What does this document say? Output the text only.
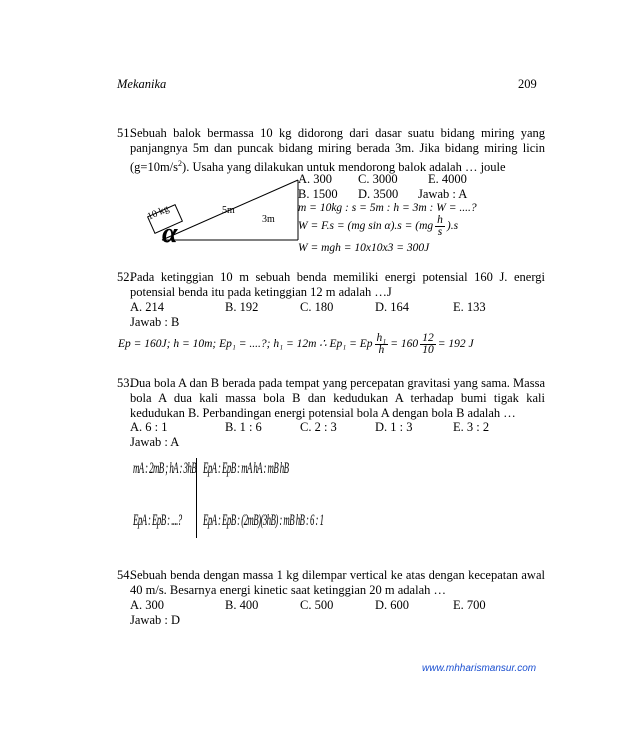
Mekanika	209
51.
Sebuah balok bermassa 10 kg didorong dari dasar suatu bidang miring yang panjangnya 5m dan puncak bidang miring berada 3m. Jika bidang miring licin $(g=10m/s^2)$. Usaha yang dilakukan untuk mendorong balok adalah … joule
10 kg	5m
3m
α
A. 300 C. 3000 E. 4000
B. 1500 D. 3500 Jawab : A
m = 10kg : s = 5m : h = 3m : W = ....?
W = F.s = (mg $\sin \alpha).s = (mg \frac{h}{s} ).s$
W = mgh = 10x10x3 = 300J
52.
Pada ketinggian 10 m sebuah benda memiliki energi potensial 160 J. energi potensial benda itu pada ketinggian 12 m adalah …J
A. 214	B. 192	C. 180	D. 164	E. 133
Jawab : B
Ep = 160J; h = 10m; Ep₁ = ....?; h₁ = 12m ∴ Ep₁ = Ep $\frac{\text{h₁}}{h} = 160 \frac{12}{10} = 192$ J
53.
Dua bola A dan B berada pada tempat yang percepatan gravitasi yang sama. Massa bola A dua kali massa bola B dan kedudukan A terhadap bumi tigak kali kedudukan B. Perbandingan energi potensial bola A dengan bola B adalah …
A. 6 : 1	B. 1 : 6	C. 2 : 3	D. 1 : 3	E. 3 : 2
Jawab : A
mA : 2mB ; hA : 3hB EpA : EpB : mA hA : mB hB
EpA : EpB : ....? EpA : EpB : (2mB)(3hB) : mB hB : 6 : 1
54.
Sebuah benda dengan massa 1 kg dilempar vertical ke atas dengan kecepatan awal 40 m/s. Besarnya energi kinetic saat ketinggian 20 m adalah …
A. 300	B. 400	C. 500	D. 600	E. 700
Jawab : D
www.mhharismansur.com
